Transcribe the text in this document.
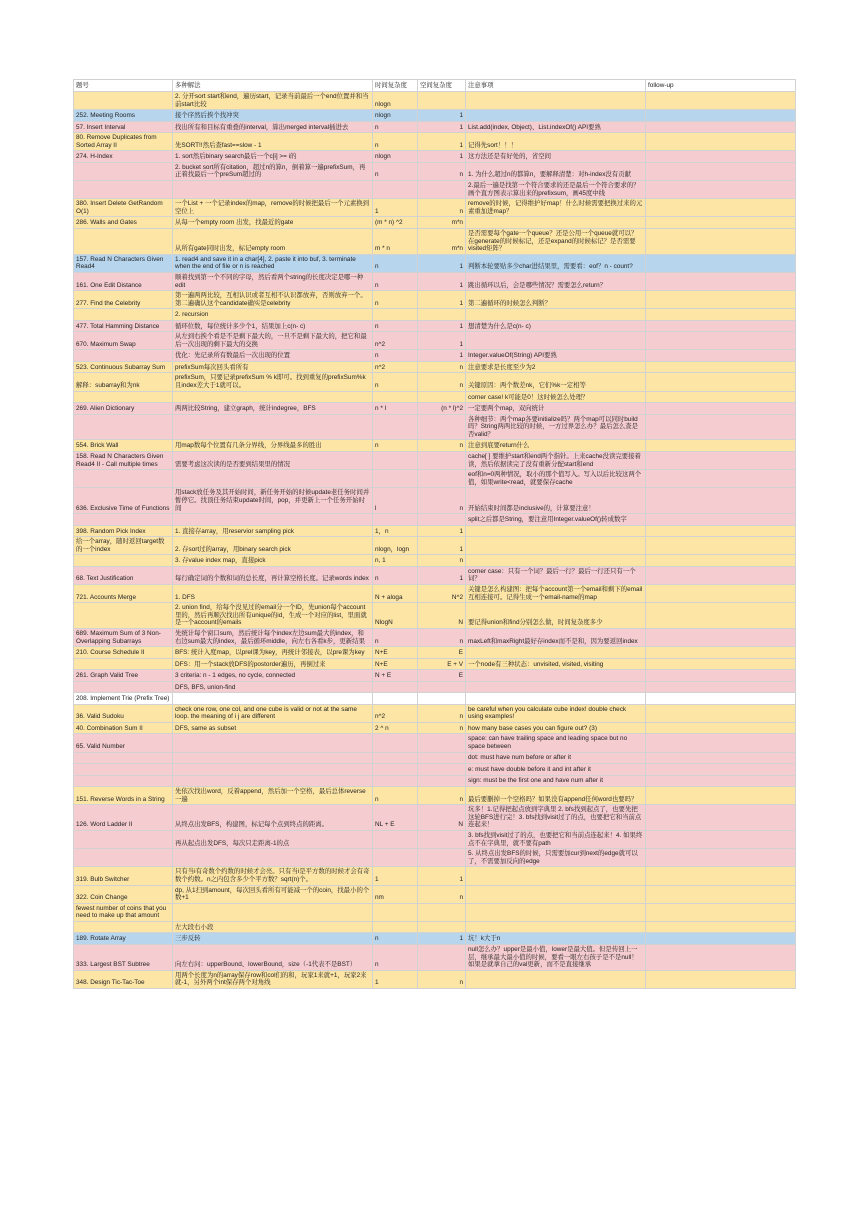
题号	多种解法	时间复杂度	空间复杂度	注意事项	follow-up
	2. 分开sort start和end，遍历start，记录当前最后一个end位置并和当前start比较	nlogn			
252. Meeting Rooms	接个序然后挨个找冲突	nlogn	1		
57. Insert Interval	找出所有和目标有重叠的interval，算出merged interval插进去	n	1	List.add(index, Object)、List.indexOf() API要熟	
80. Remove Duplicates from Sorted Array II	先SORT!!然后查fast==slow - 1	n	1	记得先sort！！！	
274. H-Index	1. sort然后binary search最后一个c[i] >= i的	nlogn	1	这方法还是有好处的，省空间	
	2. bucket sort所有citation，超过n的算n，倒着算一遍prefixSum，再正着找最后一个preSum超过的	n	n	1. 为什么超过n的都算n，要解释清楚：对h-index没有贡献	
				2.最后一遍是找第一个符合要求的还是最后一个符合要求的？画个直方图表示算出来的prefixsum，画45度中线	
380. Insert Delete GetRandom O(1)	一个List + 一个记录index的map，remove的时候把最后一个元素换到空位上	1	n	remove的时候，记得维护好map！什么时候需要把换过来的元素重加进map？	
286. Walls and Gates	从每一个empty room 出发，找最近的gate	(m * n) ^2	m*n		
	从所有gate同时出发，标记empty room	m * n	m*n	是否需要每个gate一个queue？还是公用一个queue就可以？在generate的时候标记，还是expand的时候标记？是否需要visited矩阵？	
157. Read N Characters Given Read4	1. read4 and save it in a char[4], 2. paste it into buf, 3. terminate when the end of file or n is reached	n	1	判断本轮要贴多少char进结果里，需要看：eof？n - count?	
161. One Edit Distance	顺着找到第一个不同的字母，然后看两个string的长度决定是哪一种edit	n	1	跳出循环以后，会是哪些情况？需要怎么return？	
277. Find the Celebrity	第一遍两两比较，互相认识或者互相不认识都放弃，否则放弃一个。第二遍确认这个candidate确实是celebrity	n	1	第二遍循环的时候怎么判断？	
	2. recursion				
477. Total Hamming Distance	循环位数，每位统计多少个1，结果加上c(n- c)	n	1	想清楚为什么是c(n- c)	
670. Maximum Swap	从左到右挨个看是不是剩下最大的，一旦不是剩下最大的，把它和最后一次出现的剩下最大的交换	n^2	1		
	优化：先记录所有数最后一次出现的位置	n	1	Integer.valueOf(String) API要熟	
523. Continuous Subarray Sum	prefixSum每次回头看所有	n^2	n	注意要求是长度至少为2	
解释：subarray和为nk	prefixSum，只要记录prefixSum % k即可。找到重复的prefixSum%k且index差大于1就可以。	n	n	关键原因：两个数差nk，它们%k一定相等	
				corner case! k可能是0！这时候怎么处理？	
269. Alien Dictionary	两两比较String，建立graph，统计indegree，BFS	n * l	(n * l)^2	一定要两个map，双向统计	
				各种细节：两个map各要initialize吗？两个map可以同时build吗？String两两比较的时候，一方过界怎么办？最后怎么查是否valid？	
554. Brick Wall	用map数每个位置有几条分界线，分界线最多的胜出	n	n	注意到底要return什么	
158. Read N Characters Given Read4 II - Call multiple times	需要考虑这次读的是否要到结果里的情况			cache[ ] 要维护start和end两个指针。上来cache没读完要接着读，然后依据读完了没有重新分配start和end	
				eof和n=0两种情况，取小的那个值写入。写入以后比较这两个值，如果write<read，就要保存cache	
636. Exclusive Time of Functions	用stack放任务及其开始时间，新任务开始的时候update老任务时间并暂停它。找顶任务结束update时间，pop，并更新上一个任务开始时间	l	n	开始结束时间都是inclusive的，计算要注意！	
				split之后都是String，要注意用Integer.valueOf()转成数字	
398. Random Pick Index	1. 直接存array，用reservior sampling pick	1，n	1		
给一个array，随时返回target数的一个index	2. 存sort过的array，用binary search pick	nlogn，logn	1		
	3. 存value index map，直接pick	n, 1	n		
68. Text Justification	每行确定词的个数和词的总长度，再计算空格长度。记录words index	n	1	corner case：只有一个词？最后一行？最后一行还只有一个词？	
721. Accounts Merge	1. DFS	N + aloga	N^2	关键是怎么构建图：把每个account第一个email和剩下的email互相连接可。记得生成一个email-name的map	
	2. union find，给每个没见过的email分一个ID，先union每个account里的，然后再顺次找出所有unique的id，生成一个对应的list，里面就是一个account的emails	NlogN	N	要记得union和find分别怎么做，时间复杂度多少	
689. Maximum Sum of 3 Non-Overlapping Subarrays	先统计每个窗口sum，然后统计每个index左边sum最大的index，和右边sum最大的index，最后循环middle，向左右各看k步，更新结果	n	n	maxLeft和maxRight最好存index而不是和，因为要返回index	
210. Course Schedule II	BFS: 统计入度map，以prel课为key，再统计邻接表，以pre课为key	N+E	E		
	DFS：用一个stack放DFS的postorder遍历，再倒过来	N+E	E + V	一个node有三种状态：unvisited, visited, visiting	
261. Graph Valid Tree	3 criteria: n - 1 edges, no cycle, connected	N + E	E		
	DFS, BFS, union-find				
208. Implement Trie (Prefix Tree)					
36. Valid Sudoku	check one row, one col, and one cube is valid or not at the same loop. the meaning of i j are different	n^2	n	be careful when you calculate cube index! double check using examples!	
40. Combination Sum II	DFS, same as subset	2 ^ n	n	how many base cases you can figure out? (3)	
65. Valid Number				space: can have trailing space and leading space but no space between	
				dot: must have num before or after it	
				e: must have double before it and int after it	
				sign: must be the first one and have num after it	
151. Reverse Words in a String	先依次找出word，反着append，然后加一个空格，最后总体reverse一遍	n	n	最后要删掉一个空格吗？如果没有append任何word也要吗？	
126. Word Ladder II	从终点出发BFS，构建图，标记每个点到终点的距离。	NL + E	N	坑多！1.记得把起点放到字典里 2. bfs找到起点了，也要先把这轮BFS进行完！3. bfs找到visit过了的点，也要把它和当前点连起来！	
	再从起点出发DFS，每次只走距离-1的点			3. bfs找到visit过了的点，也要把它和当前点连起来！4. 如果终点不在字典里，就不要有path	
				5. 从终点出发BFS的时候，只需要加cur到next的edge就可以了，不需要加反向的edge	
319. Bulb Switcher	只有当i有奇数个约数的时候才会亮。只有当i是平方数的时候才会有奇数个约数。n之内包含多少个平方数？sqrt(n)个。	1	1		
322. Coin Change	dp, 从1扫到amount，每次回头看所有可能减一个的coin，找最小的个数+1	nm	n		
fewest number of coins that you need to make up that amount					
	左大段右小段				
189. Rotate Array	三步反转	n	1	坑！k大于n	
333. Largest BST Subtree	向左右问：upperBound、lowerBound，size（-1代表不是BST）	n		null怎么办？upper是最小值，lower是最大值。但是传回上一层，继承最大最小值的时候，要看一眼左右孩子是不是null！如果是就拿自己的val更新，而不是直接继承	
348. Design Tic-Tac-Toe	用两个长度为n的array保存row和col们的和，玩家1来就+1，玩家2来就-1，另外两个int保存两个对角线	1	n		
